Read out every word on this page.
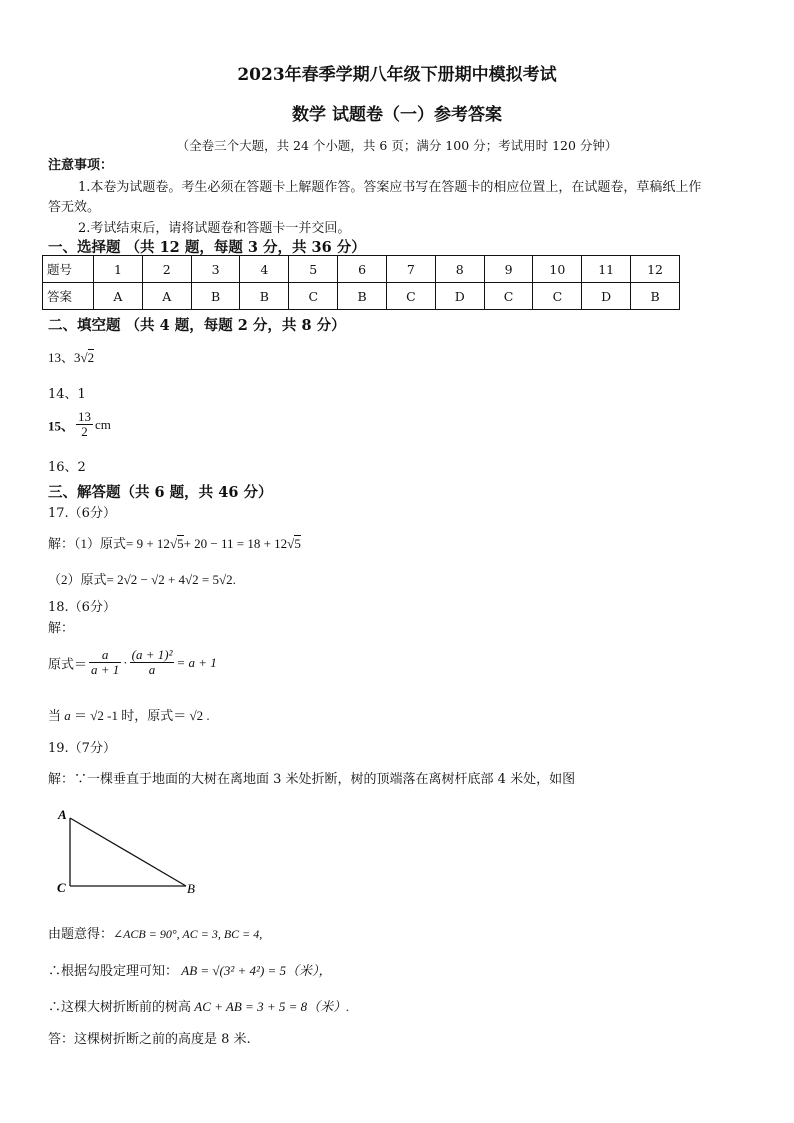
2023年春季学期八年级下册期中模拟考试
数学 试题卷（一）参考答案
（全卷三个大题，共 24 个小题，共 6 页；满分 100 分；考试用时 120 分钟）
注意事项：
1.本卷为试题卷。考生必须在答题卡上解题作答。答案应书写在答题卡的相应位置上，在试题卷，草稿纸上作
答无效。
2.考试结束后，请将试题卷和答题卡一并交回。
一、选择题 （共 12 题，每题 3 分，共 36 分）
题号	1	2	3	4	5	6	7	8	9	10	11	12
答案	A	A	B	B	C	B	C	D	C	C	D	B
二、填空题 （共 4 题，每题 2 分，共 8 分）
13、3√2
14、1
15、 $\frac{13}{2}$ cm
16、2
三、解答题（共 6 题，共 46 分）
17.（6分）
解：（1）原式= 9 + 12√5+ 20 − 11 = 18 + 12√5
（2）原式= 2√2 − √2 + 4√2 = 5√2.
18.（6分）
解：
原式＝ $\frac{a}{a + 1} \cdot \frac{\text{(a + 1)²}}{a} = a + 1$
当 a ＝ √2 -1 时，原式＝ √2 .
19.（7分）
解：∵一棵垂直于地面的大树在离地面 3 米处折断，树的顶端落在离树杆底部 4 米处，如图
A
C	B
由题意得：∠ACB = 90°, AC = 3, BC = 4,
∴根据勾股定理可知： AB = √(3² + 4²) = 5（米），
∴这棵大树折断前的树高 AC + AB = 3 + 5 = 8（米）.
答：这棵树折断之前的高度是 8 米.
